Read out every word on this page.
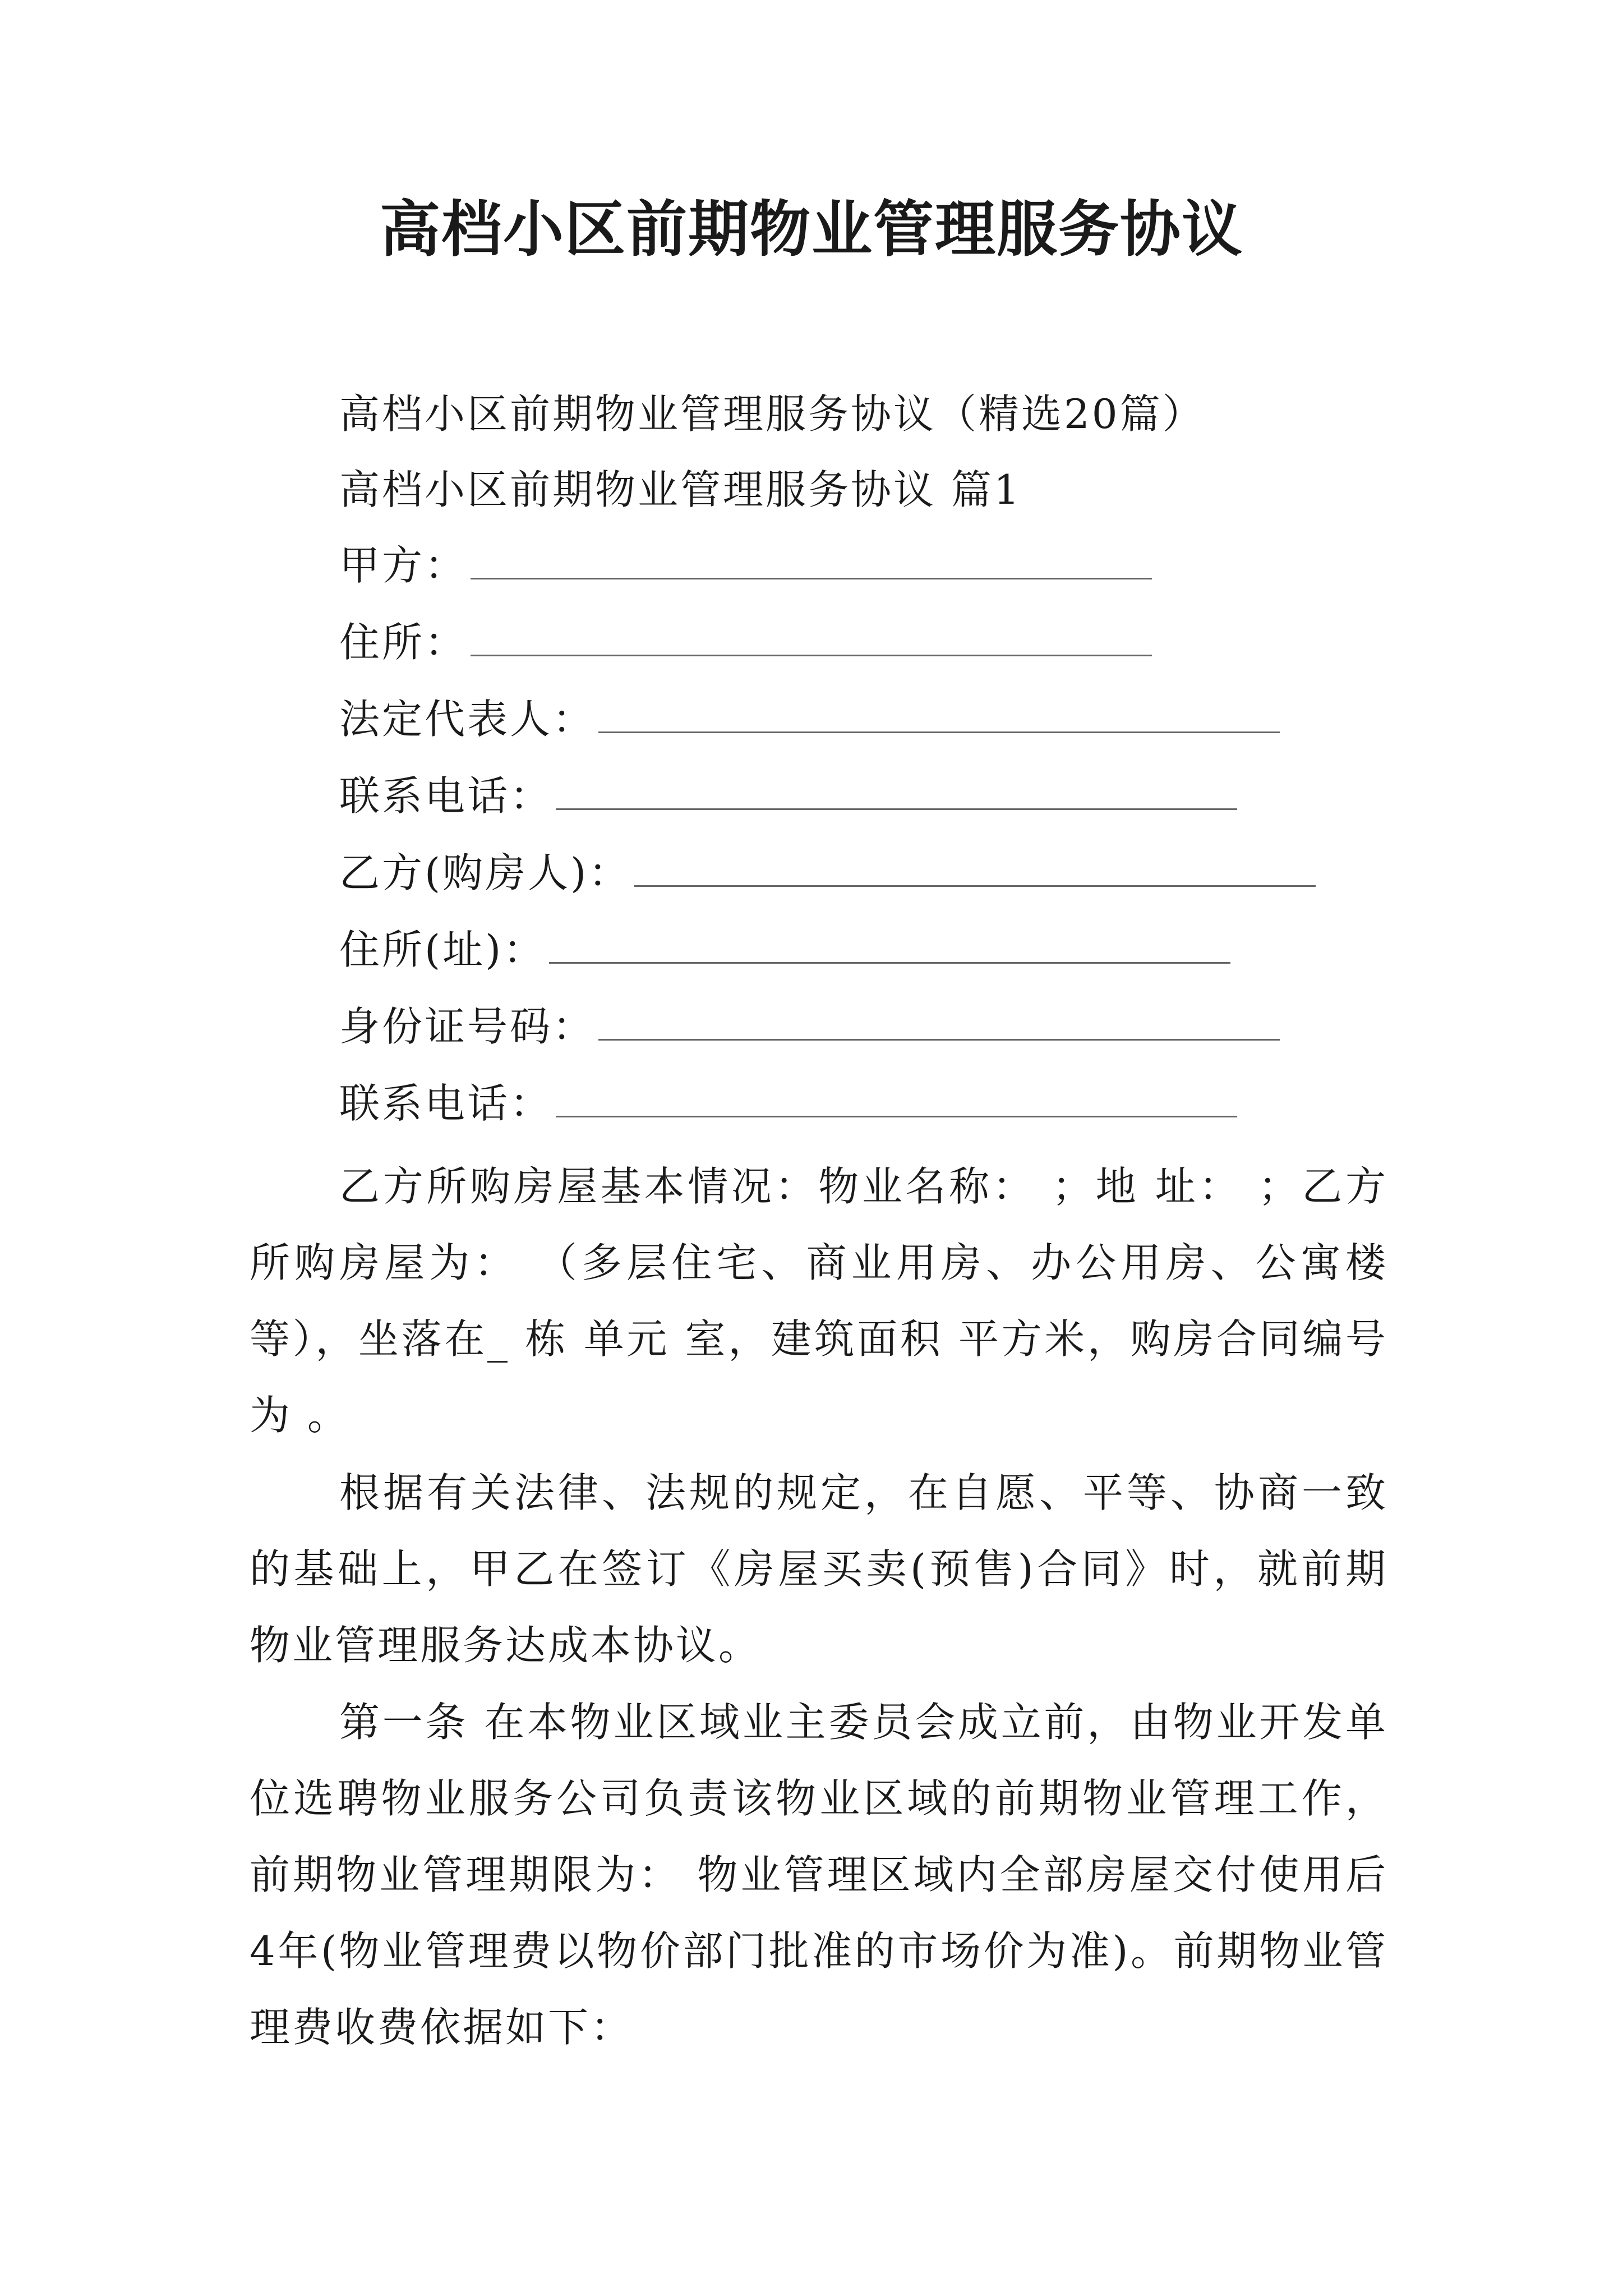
高档小区前期物业管理服务协议
高档小区前期物业管理服务协议（精选20篇）
高档小区前期物业管理服务协议 篇1
甲方：
住所：
法定代表人：
联系电话：
乙方(购房人)：
住所(址)：
身份证号码：
联系电话：
乙方所购房屋基本情况：物业名称： ；地 址： ；乙方所购房屋为： （多层住宅、商业用房、办公用房、公寓楼等），坐落在_ 栋 单元 室，建筑面积 平方米，购房合同编号为 。
根据有关法律、法规的规定，在自愿、平等、协商一致的基础上，甲乙在签订《房屋买卖(预售)合同》时，就前期物业管理服务达成本协议。
第一条 在本物业区域业主委员会成立前，由物业开发单位选聘物业服务公司负责该物业区域的前期物业管理工作，前期物业管理期限为： 物业管理区域内全部房屋交付使用后4年(物业管理费以物价部门批准的市场价为准)。前期物业管理费收费依据如下：
